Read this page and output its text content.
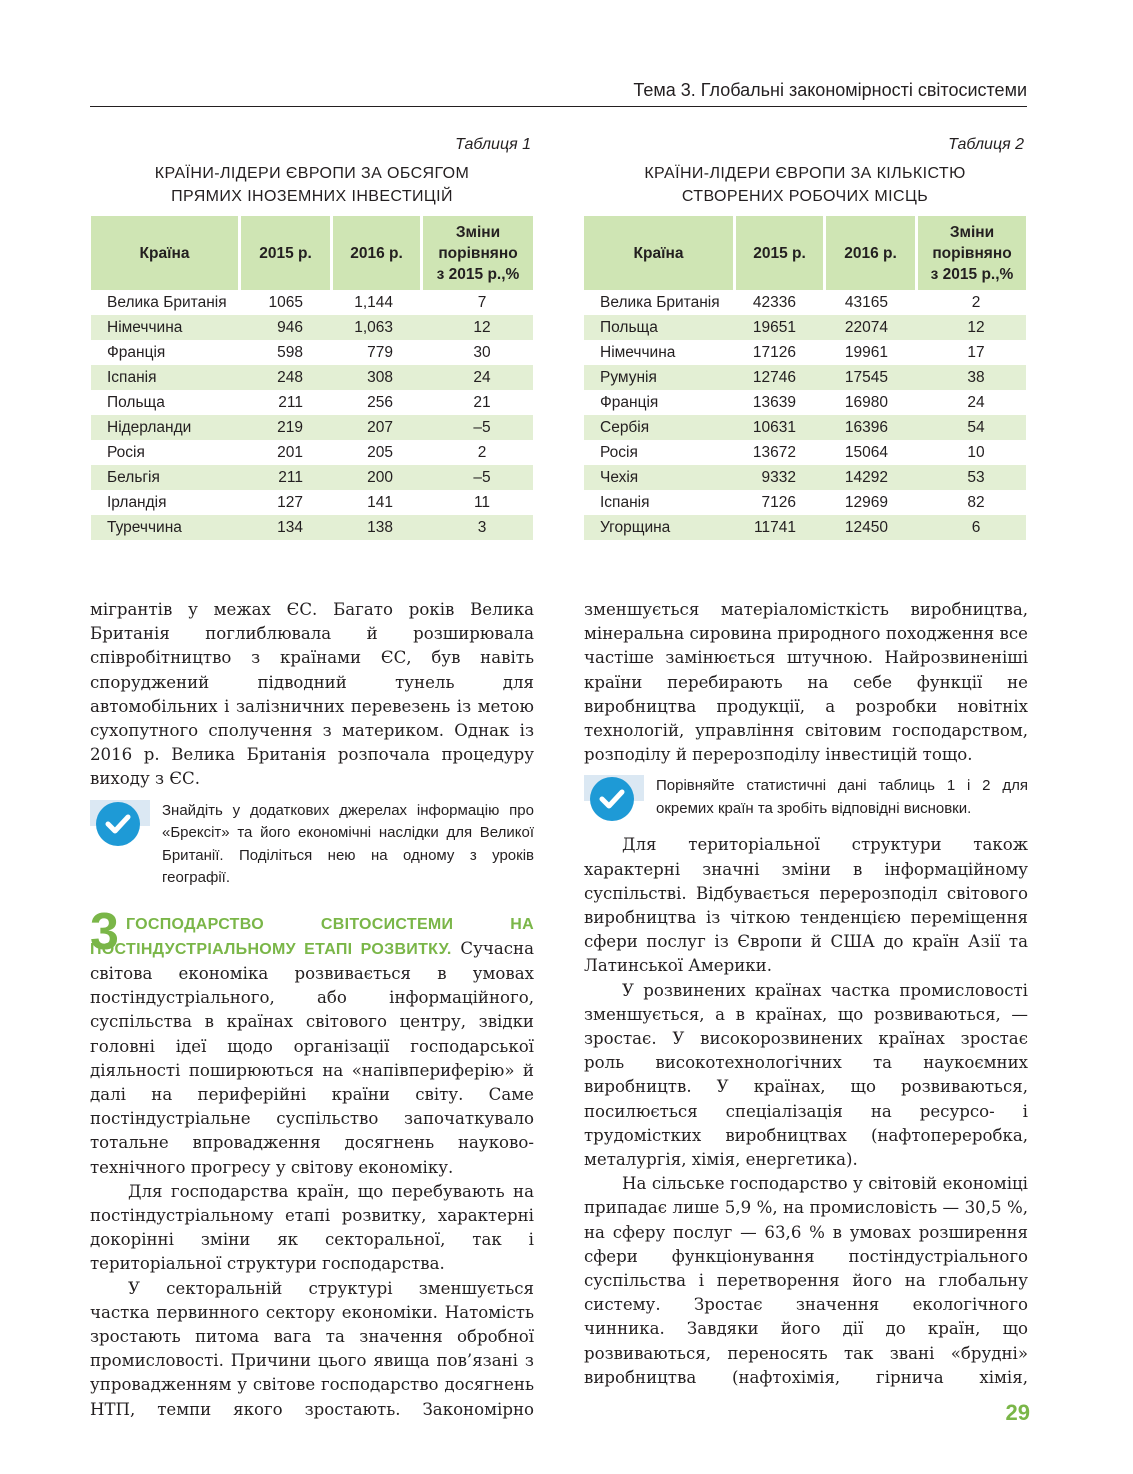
Тема 3. Глобальні закономірності світосистеми
Таблиця 1
КРАЇНИ-ЛІДЕРИ ЄВРОПИ ЗА ОБСЯГОМ
ПРЯМИХ ІНОЗЕМНИХ ІНВЕСТИЦІЙ
Країна	2015 р.	2016 р.	Зміни
порівняно
з 2015 р.,%
Велика Британія	1065	1,144	7
Німеччина	946	1,063	12
Франція	598	779	30
Іспанія	248	308	24
Польща	211	256	21
Нідерланди	219	207	–5
Росія	201	205	2
Бельгія	211	200	–5
Ірландія	127	141	11
Туреччина	134	138	3
Таблиця 2
КРАЇНИ-ЛІДЕРИ ЄВРОПИ ЗА КІЛЬКІСТЮ
СТВОРЕНИХ РОБОЧИХ МІСЦЬ
Країна	2015 р.	2016 р.	Зміни
порівняно
з 2015 р.,%
Велика Британія	42336	43165	2
Польща	19651	22074	12
Німеччина	17126	19961	17
Румунія	12746	17545	38
Франція	13639	16980	24
Сербія	10631	16396	54
Росія	13672	15064	10
Чехія	9332	14292	53
Іспанія	7126	12969	82
Угорщина	11741	12450	6

мігрантів у межах ЄС. Багато років Велика Британія поглиблювала й розширювала співробітництво з країнами ЄС, був навіть споруджений підводний тунель для автомобільних і залізничних перевезень із метою сухопутного сполучення з материком. Однак із 2016 р. Велика Британія розпочала процедуру виходу з ЄС.

Знайдіть у додаткових джерелах інформацію про «Брексіт» та його економічні наслідки для Великої Британії. Поділіться нею на одному з уроків географії.
3 ГОСПОДАРСТВО СВІТОСИСТЕМИ НА ПОСТІНДУСТРІАЛЬНОМУ ЕТАПІ РОЗВИТКУ. Сучасна світова економіка розвивається в умовах постіндустріального, або інформаційного, суспільства в країнах світового центру, звідки головні ідеї щодо організації господарської діяльності поширюються на «напівпериферію» й далі на периферійні країни світу. Саме постіндустріальне суспільство започаткувало тотальне впровадження досягнень науково-технічного прогресу у світову економіку.

Для господарства країн, що перебувають на постіндустріальному етапі розвитку, характерні докорінні зміни як секторальної, так і територіальної структури господарства.

У секторальній структурі зменшується частка первинного сектору економіки. Натомість зростають питома вага та значення обробної промисловості. Причини цього явища пов’язані з упровадженням у світове господарство досягнень НТП, темпи якого зростають. Закономірно

зменшується матеріаломісткість виробництва, мінеральна сировина природного походження все частіше замінюється штучною. Найрозвиненіші країни перебирають на себе функції не виробництва продукції, а розробки новітніх технологій, управління світовим господарством, розподілу й перерозподілу інвестицій тощо.

Порівняйте статистичні дані таблиць 1 і 2 для окремих країн та зробіть відповідні висновки.

Для територіальної структури також характерні значні зміни в інформаційному суспільстві. Відбувається перерозподіл світового виробництва із чіткою тенденцією переміщення сфери послуг із Європи й США до країн Азії та Латинської Америки.

У розвинених країнах частка промисловості зменшується, а в країнах, що розвиваються, — зростає. У високорозвинених країнах зростає роль високотехнологічних та наукоємних виробництв. У країнах, що розвиваються, посилюється спеціалізація на ресурсо- і трудомістких виробництвах (нафтопереробка, металургія, хімія, енергетика).

На сільське господарство у світовій економіці припадає лише 5,9 %, на промисловість — 30,5 %, на сферу послуг — 63,6 % в умовах розширення сфери функціонування постіндустріального суспільства і перетворення його на глобальну систему. Зростає значення екологічного чинника. Завдяки його дії до країн, що розвиваються, переносять так звані «брудні» виробництва (нафтохімія, гірнича хімія,

29
